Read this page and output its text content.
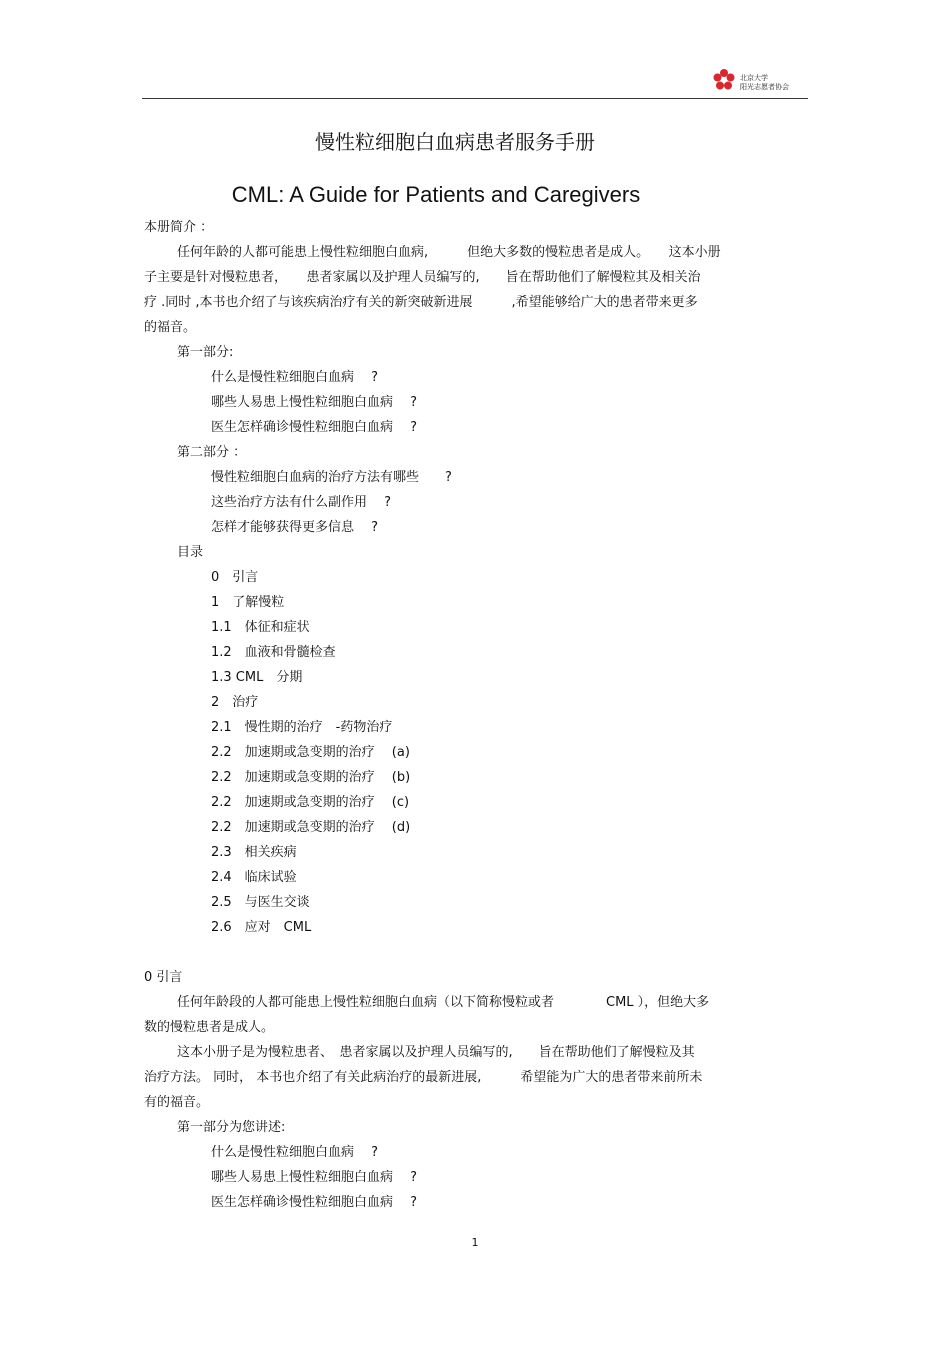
北京大学
阳光志愿者协会
慢性粒细胞白血病患者服务手册
CML: A Guide for Patients and Caregivers
本册简介 ：
任何年龄的人都可能患上慢性粒细胞白血病,　　　但绝大多数的慢粒患者是成人。　　这本小册
子主要是针对慢粒患者，　　患者家属以及护理人员编写的,　　旨在帮助他们了解慢粒其及相关治
疗 .同时 ,本书也介绍了与该疾病治疗有关的新突破新进展　　　,希望能够给广大的患者带来更多
的福音。
第一部分:
什么是慢性粒细胞白血病　 ?
哪些人易患上慢性粒细胞白血病　 ?
医生怎样确诊慢性粒细胞白血病　 ?
第二部分 ：
慢性粒细胞白血病的治疗方法有哪些　　?
这些治疗方法有什么副作用　 ?
怎样才能够获得更多信息　 ?
目录
0　引言
1　了解慢粒
1.1　体征和症状
1.2　血液和骨髓检查
1.3 CML　分期
2　治疗
2.1　慢性期的治疗　-药物治疗
2.2　加速期或急变期的治疗　 (a)
2.2　加速期或急变期的治疗　 (b)
2.2　加速期或急变期的治疗　 (c)
2.2　加速期或急变期的治疗　 (d)
2.3　相关疾病
2.4　临床试验
2.5　与医生交谈
2.6　应对　CML
0 引言
任何年龄段的人都可能患上慢性粒细胞白血病（以下简称慢粒或者　　　　CML ），但绝大多
数的慢粒患者是成人。
这本小册子是为慢粒患者、　患者家属以及护理人员编写的,　　旨在帮助他们了解慢粒及其
治疗方法。 同时， 本书也介绍了有关此病治疗的最新进展,　　　希望能为广大的患者带来前所未
有的福音。
第一部分为您讲述:
什么是慢性粒细胞白血病　 ?
哪些人易患上慢性粒细胞白血病　 ?
医生怎样确诊慢性粒细胞白血病　 ?
1
